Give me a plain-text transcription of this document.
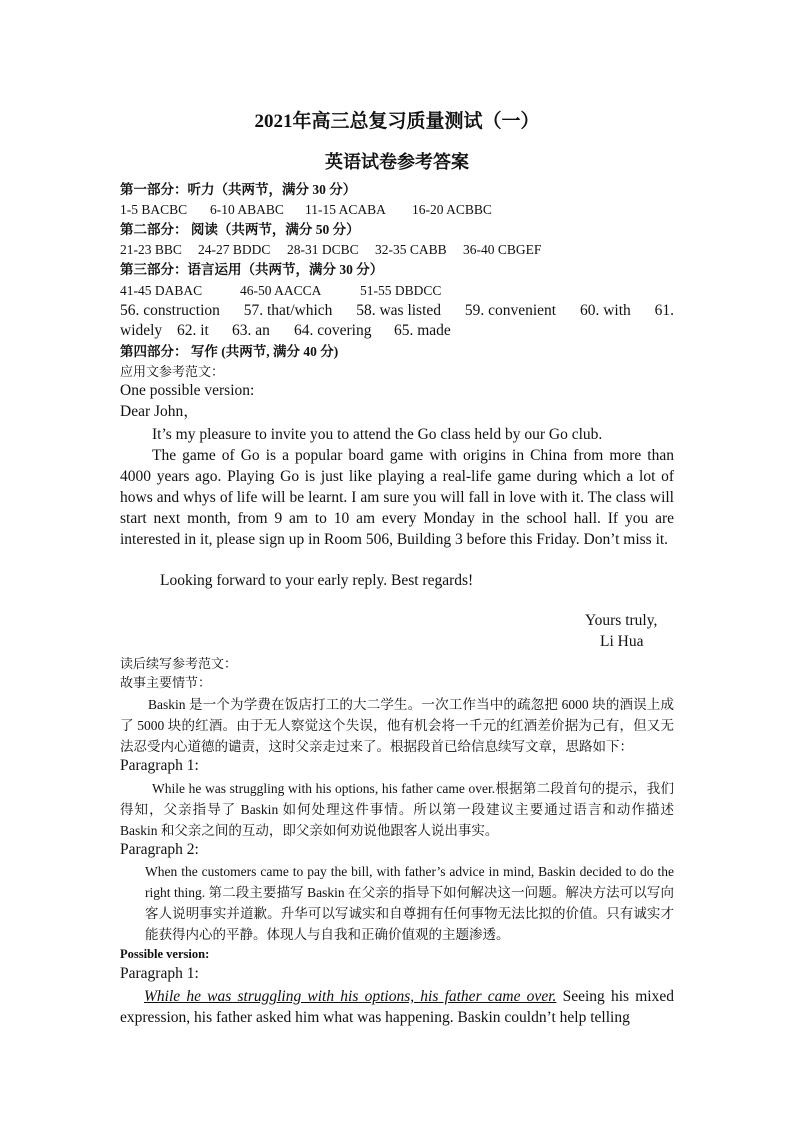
2021年高三总复习质量测试（一）
英语试卷参考答案
第一部分：听力（共两节，满分 30 分）
1-5 BACBC 6-10 ABABC 11-15 ACABA 16-20 ACBBC
第二部分： 阅读（共两节，满分 50 分）
21-23 BBC 24-27 BDDC 28-31 DCBC 32-35 CABB 36-40 CBGEF
第三部分：语言运用（共两节，满分 30 分）
41-45 DABAC	46-50 AACCA	51-55 DBDCC
56. construction 57. that/which 58. was listed 59. convenient 60. with 61.
widely 62. it 63. an 64. covering 65. made
第四部分： 写作 (共两节, 满分 40 分)
应用文参考范文：
One possible version:
Dear John，
It’s my pleasure to invite you to attend the Go class held by our Go club.
The game of Go is a popular board game with origins in China from more than 4000 years ago. Playing Go is just like playing a real-life game during which a lot of hows and whys of life will be learnt. I am sure you will fall in love with it. The class will start next month, from 9 am to 10 am every Monday in the school hall. If you are interested in it, please sign up in Room 506, Building 3 before this Friday. Don’t miss it.
Looking forward to your early reply. Best regards!
Yours truly,
Li Hua
读后续写参考范文：
故事主要情节：
Baskin 是一个为学费在饭店打工的大二学生。一次工作当中的疏忽把 6000 块的酒误上成了 5000 块的红酒。由于无人察觉这个失误，他有机会将一千元的红酒差价据为己有，但又无法忍受内心道德的谴责，这时父亲走过来了。根据段首已给信息续写文章，思路如下：
Paragraph 1:
While he was struggling with his options, his father came over.根据第二段首句的提示，我们得知，父亲指导了 Baskin 如何处理这件事情。所以第一段建议主要通过语言和动作描述 Baskin 和父亲之间的互动，即父亲如何劝说他跟客人说出事实。
Paragraph 2:
When the customers came to pay the bill, with father’s advice in mind, Baskin decided to do the right thing. 第二段主要描写 Baskin 在父亲的指导下如何解决这一问题。解决方法可以写向客人说明事实并道歉。升华可以写诚实和自尊拥有任何事物无法比拟的价值。只有诚实才能获得内心的平静。体现人与自我和正确价值观的主题渗透。
Possible version:
Paragraph 1:
While he was struggling with his options, his father came over. Seeing his mixed expression, his father asked him what was happening. Baskin couldn’t help telling
